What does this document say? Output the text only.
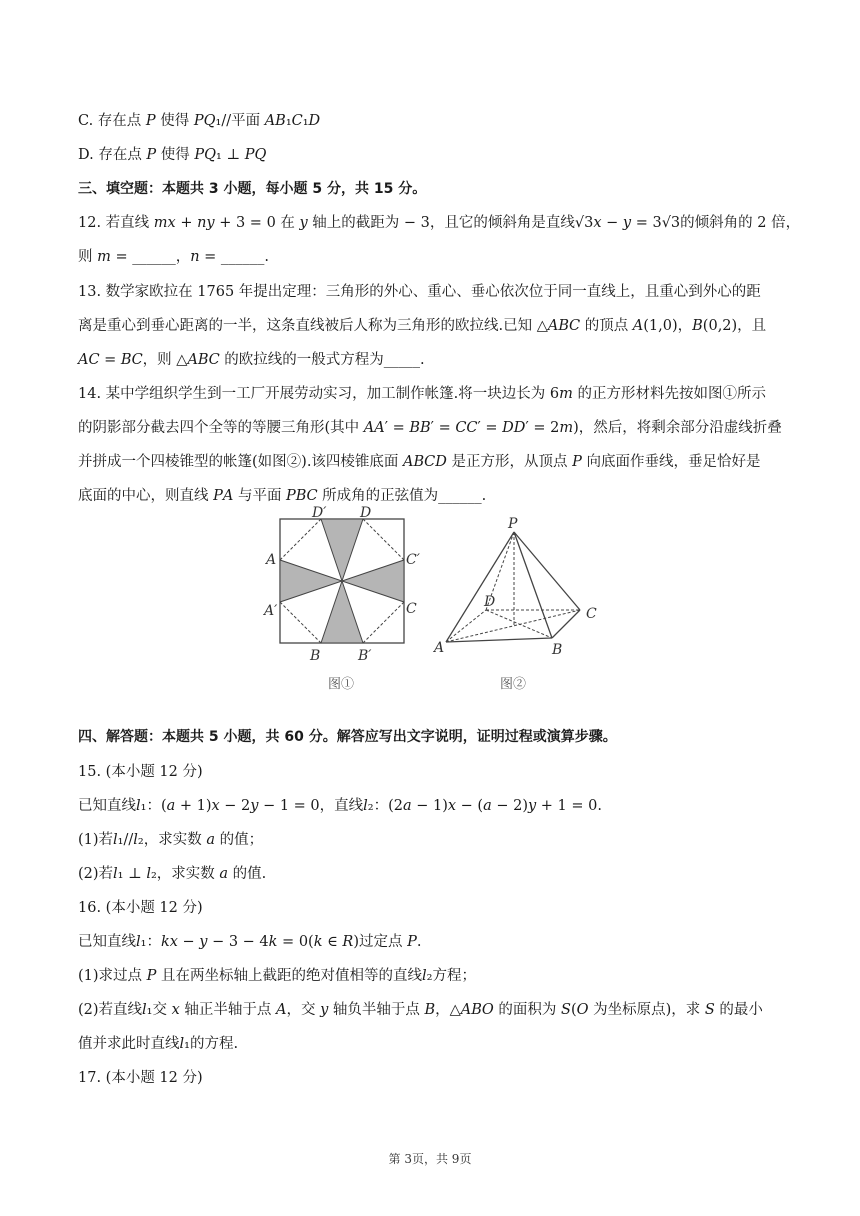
C. 存在点 𝑃 使得 𝑃𝑄₁//平面 𝐴𝐵₁𝐶₁𝐷
D. 存在点 𝑃 使得 𝑃𝑄₁ ⊥ 𝑃𝑄
三、填空题：本题共 3 小题，每小题 5 分，共 15 分。
12. 若直线 𝑚𝑥 + 𝑛𝑦 + 3 = 0 在 𝑦 轴上的截距为 − 3，且它的倾斜角是直线√3𝑥 − 𝑦 = 3√3的倾斜角的 2 倍，
则 𝑚 = ______，𝑛 = ______.
13. 数学家欧拉在 1765 年提出定理：三角形的外心、重心、垂心依次位于同一直线上，且重心到外心的距
离是重心到垂心距离的一半，这条直线被后人称为三角形的欧拉线.已知 △𝐴𝐵𝐶 的顶点 𝐴(1,0)，𝐵(0,2)，且
𝐴𝐶 = 𝐵𝐶，则 △𝐴𝐵𝐶 的欧拉线的一般式方程为_____.
14. 某中学组织学生到一工厂开展劳动实习，加工制作帐篷.将一块边长为 6𝑚 的正方形材料先按如图①所示
的阴影部分截去四个全等的等腰三角形(其中 𝐴𝐴′ = 𝐵𝐵′ = 𝐶𝐶′ = 𝐷𝐷′ = 2𝑚)，然后，将剩余部分沿虚线折叠
并拼成一个四棱锥型的帐篷(如图②).该四棱锥底面 𝐴𝐵𝐶𝐷 是正方形，从顶点 𝑃 向底面作垂线，垂足恰好是
底面的中心，则直线 𝑃𝐴 与平面 𝑃𝐵𝐶 所成角的正弦值为______.
D′ D
A	C′
A′	C
B	B′
图①
P
D
C
A	B
图②
四、解答题：本题共 5 小题，共 60 分。解答应写出文字说明，证明过程或演算步骤。
15. (本小题 12 分)
已知直线𝑙₁：(𝑎 + 1)𝑥 − 2𝑦 − 1 = 0，直线𝑙₂：(2𝑎 − 1)𝑥 − (𝑎 − 2)𝑦 + 1 = 0.
(1)若𝑙₁//𝑙₂，求实数 𝑎 的值；
(2)若𝑙₁ ⊥ 𝑙₂，求实数 𝑎 的值.
16. (本小题 12 分)
已知直线𝑙₁：𝑘𝑥 − 𝑦 − 3 − 4𝑘 = 0(𝑘 ∈ 𝑅)过定点 𝑃.
(1)求过点 𝑃 且在两坐标轴上截距的绝对值相等的直线𝑙₂方程；
(2)若直线𝑙₁交 𝑥 轴正半轴于点 𝐴，交 𝑦 轴负半轴于点 𝐵，△𝐴𝐵𝑂 的面积为 𝑆(𝑂 为坐标原点)，求 𝑆 的最小
值并求此时直线𝑙₁的方程.
17. (本小题 12 分)
第 3页，共 9页
